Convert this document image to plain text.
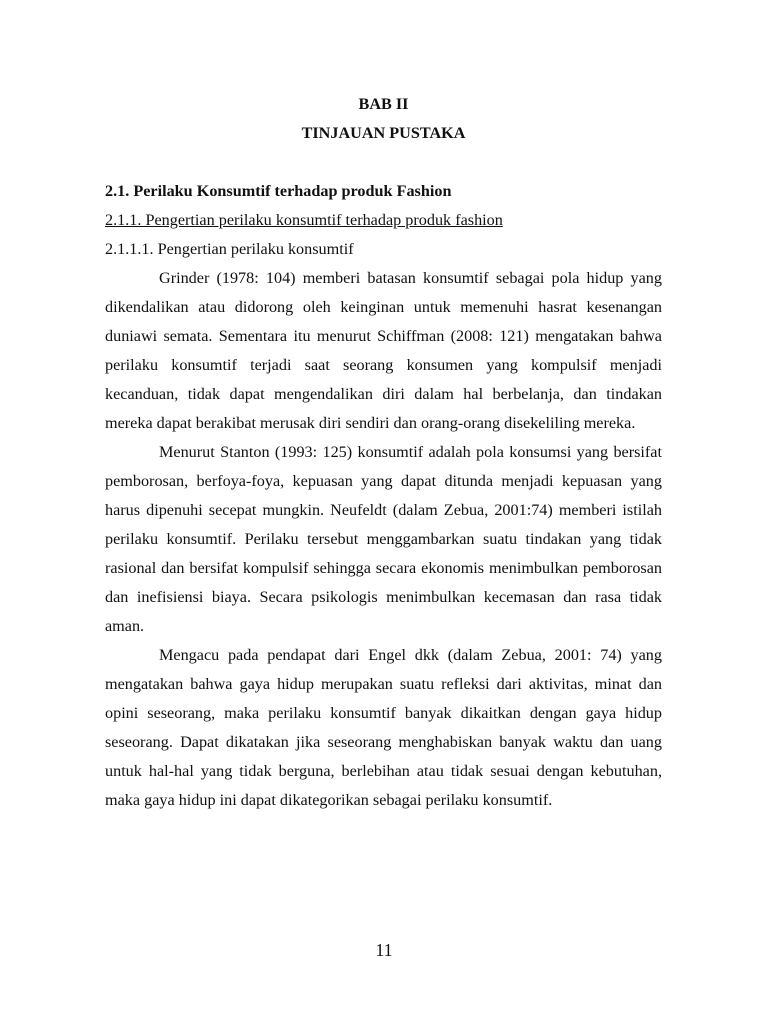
BAB II

TINJAUAN PUSTAKA

2.1. Perilaku Konsumtif terhadap produk Fashion

2.1.1. Pengertian perilaku konsumtif terhadap produk fashion

2.1.1.1. Pengertian perilaku konsumtif

Grinder (1978: 104) memberi batasan konsumtif sebagai pola hidup yang dikendalikan atau didorong oleh keinginan untuk memenuhi hasrat kesenangan duniawi semata. Sementara itu menurut Schiffman (2008: 121) mengatakan bahwa perilaku konsumtif terjadi saat seorang konsumen yang kompulsif menjadi kecanduan, tidak dapat mengendalikan diri dalam hal berbelanja, dan tindakan mereka dapat berakibat merusak diri sendiri dan orang-orang disekeliling mereka.

Menurut Stanton (1993: 125) konsumtif adalah pola konsumsi yang bersifat pemborosan, berfoya-foya, kepuasan yang dapat ditunda menjadi kepuasan yang harus dipenuhi secepat mungkin. Neufeldt (dalam Zebua, 2001:74) memberi istilah perilaku konsumtif. Perilaku tersebut menggambarkan suatu tindakan yang tidak rasional dan bersifat kompulsif sehingga secara ekonomis menimbulkan pemborosan dan inefisiensi biaya. Secara psikologis menimbulkan kecemasan dan rasa tidak aman.

Mengacu pada pendapat dari Engel dkk (dalam Zebua, 2001: 74) yang mengatakan bahwa gaya hidup merupakan suatu refleksi dari aktivitas, minat dan opini seseorang, maka perilaku konsumtif banyak dikaitkan dengan gaya hidup seseorang. Dapat dikatakan jika seseorang menghabiskan banyak waktu dan uang untuk hal-hal yang tidak berguna, berlebihan atau tidak sesuai dengan kebutuhan, maka gaya hidup ini dapat dikategorikan sebagai perilaku konsumtif.

11
